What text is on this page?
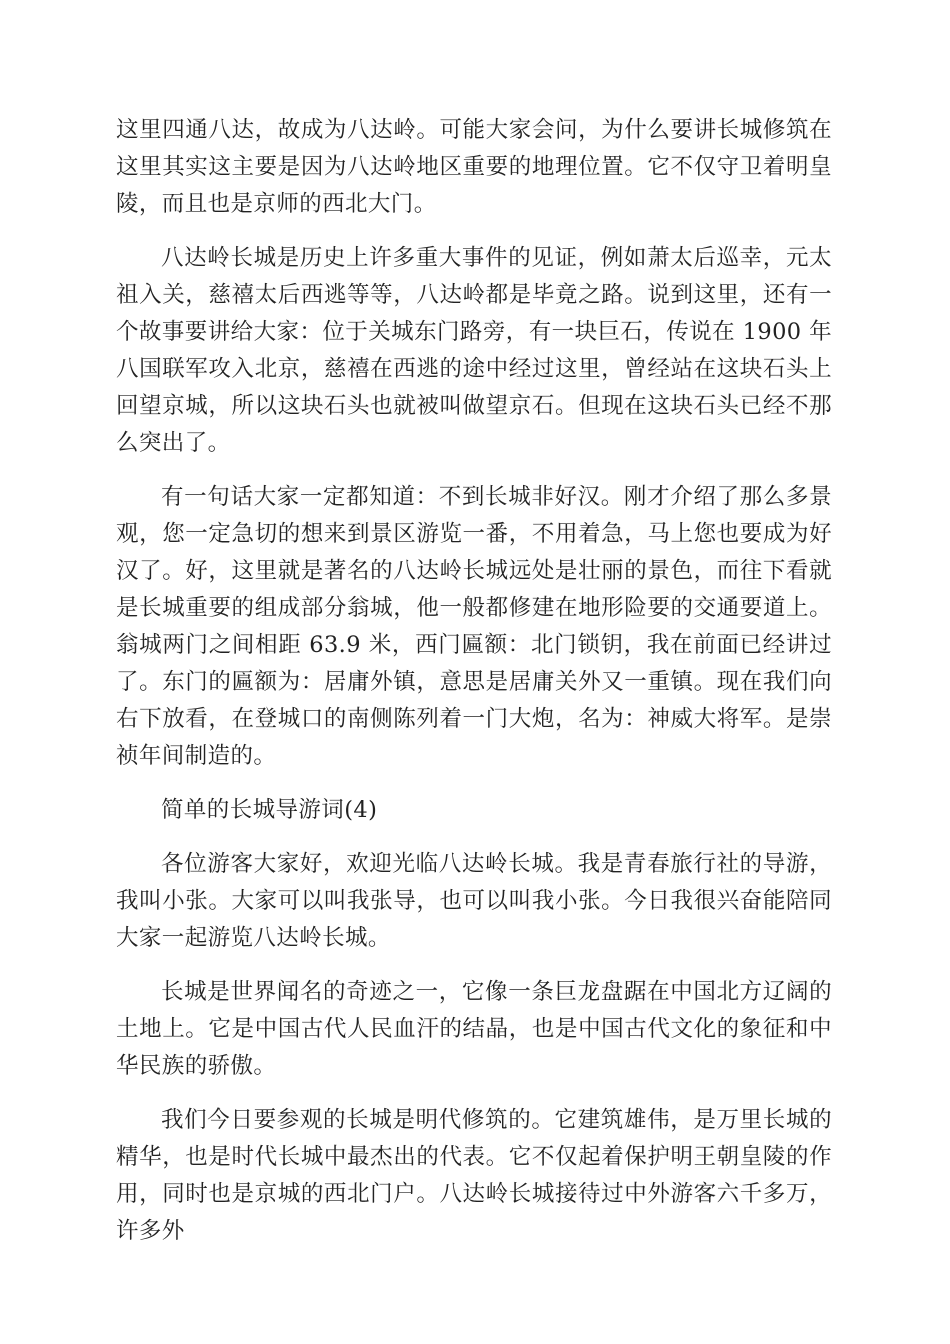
这里四通八达，故成为八达岭。可能大家会问，为什么要讲长城修筑在这里其实这主要是因为八达岭地区重要的地理位置。它不仅守卫着明皇陵，而且也是京师的西北大门。

八达岭长城是历史上许多重大事件的见证，例如萧太后巡幸，元太祖入关，慈禧太后西逃等等，八达岭都是毕竟之路。说到这里，还有一个故事要讲给大家：位于关城东门路旁，有一块巨石，传说在 1900 年八国联军攻入北京，慈禧在西逃的途中经过这里，曾经站在这块石头上回望京城，所以这块石头也就被叫做望京石。但现在这块石头已经不那么突出了。

有一句话大家一定都知道：不到长城非好汉。刚才介绍了那么多景观，您一定急切的想来到景区游览一番，不用着急，马上您也要成为好汉了。好，这里就是著名的八达岭长城远处是壮丽的景色，而往下看就是长城重要的组成部分翁城，他一般都修建在地形险要的交通要道上。翁城两门之间相距 63.9 米，西门匾额：北门锁钥，我在前面已经讲过了。东门的匾额为：居庸外镇，意思是居庸关外又一重镇。现在我们向右下放看，在登城口的南侧陈列着一门大炮，名为：神威大将军。是崇祯年间制造的。

简单的长城导游词(4)

各位游客大家好，欢迎光临八达岭长城。我是青春旅行社的导游，我叫小张。大家可以叫我张导，也可以叫我小张。今日我很兴奋能陪同大家一起游览八达岭长城。

长城是世界闻名的奇迹之一，它像一条巨龙盘踞在中国北方辽阔的土地上。它是中国古代人民血汗的结晶，也是中国古代文化的象征和中华民族的骄傲。

我们今日要参观的长城是明代修筑的。它建筑雄伟，是万里长城的精华，也是时代长城中最杰出的代表。它不仅起着保护明王朝皇陵的作用，同时也是京城的西北门户。八达岭长城接待过中外游客六千多万，许多外
